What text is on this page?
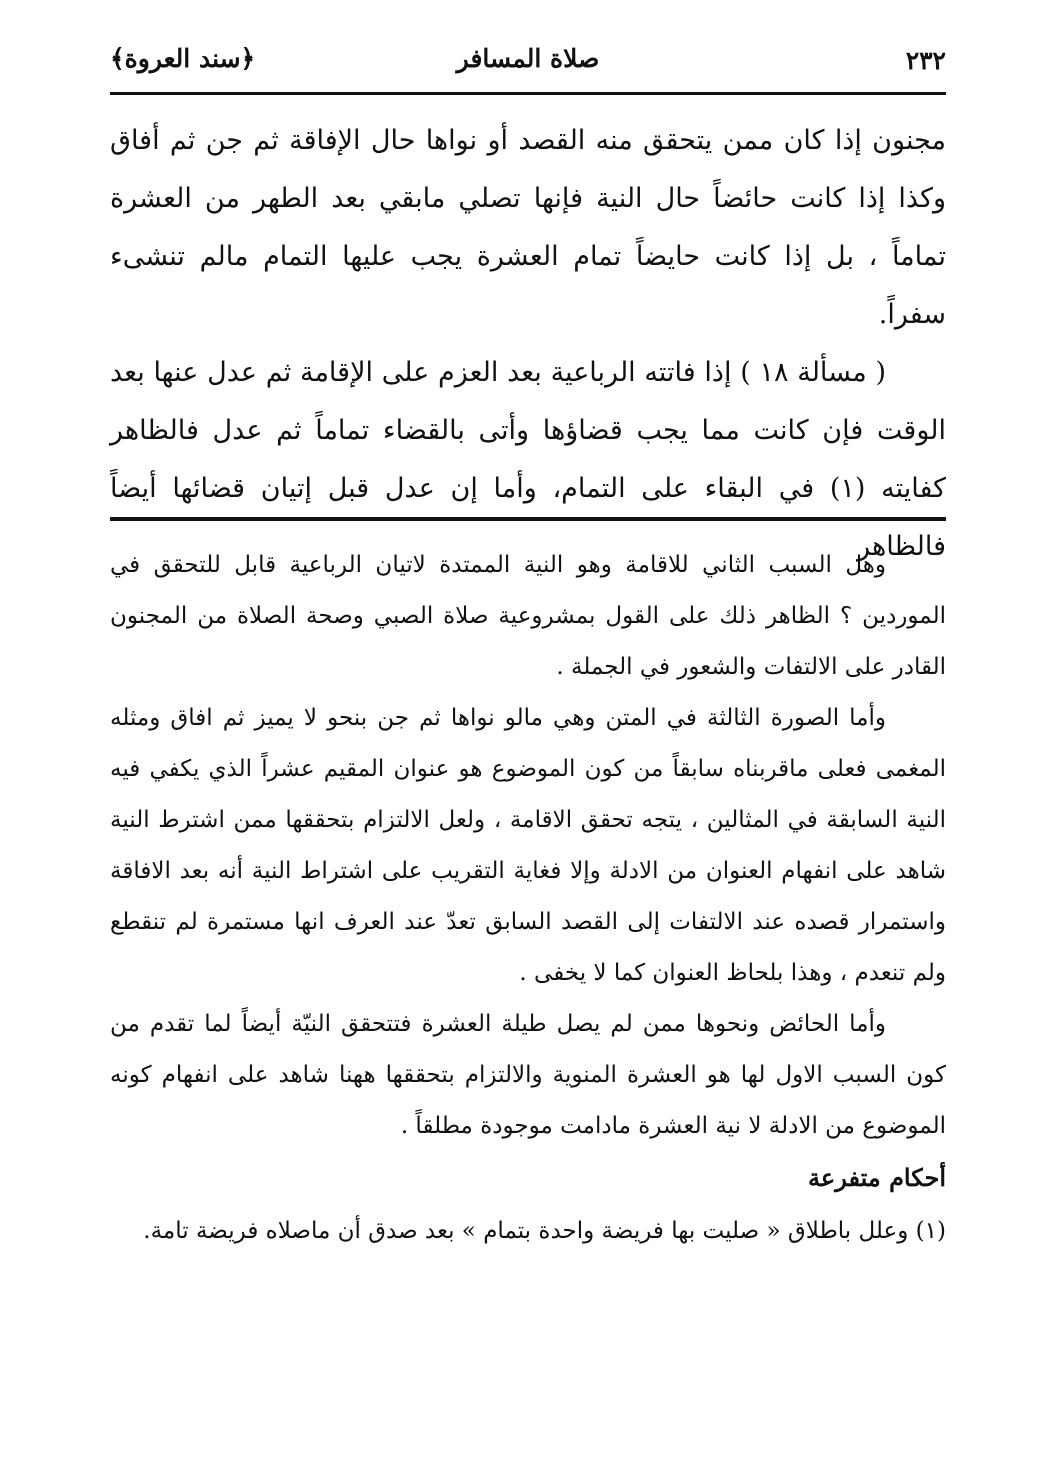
٢٣٢
صلاة المسافر
﴿سند العروة﴾

مجنون إذا كان ممن يتحقق منه القصد أو نواها حال الإفاقة ثم جن ثم أفاق وكذا إذا كانت حائضاً حال النية فإنها تصلي مابقي بعد الطهر من العشرة تماماً ، بل إذا كانت حايضاً تمام العشرة يجب عليها التمام مالم تنشىء سفراً.

( مسألة ١٨ ) إذا فاتته الرباعية بعد العزم على الإقامة ثم عدل عنها بعد الوقت فإن كانت مما يجب قضاؤها وأتى بالقضاء تماماً ثم عدل فالظاهر كفايته (١) في البقاء على التمام، وأما إن عدل قبل إتيان قضائها أيضاً فالظاهر

وهل السبب الثاني للاقامة وهو النية الممتدة لاتيان الرباعية قابل للتحقق في الموردين ؟ الظاهر ذلك على القول بمشروعية صلاة الصبي وصحة الصلاة من المجنون القادر على الالتفات والشعور في الجملة .

وأما الصورة الثالثة في المتن وهي مالو نواها ثم جن بنحو لا يميز ثم افاق ومثله المغمى فعلى ماقربناه سابقاً من كون الموضوع هو عنوان المقيم عشراً الذي يكفي فيه النية السابقة في المثالين ، يتجه تحقق الاقامة ، ولعل الالتزام بتحققها ممن اشترط النية شاهد على انفهام العنوان من الادلة وإلا فغاية التقريب على اشتراط النية أنه بعد الافاقة واستمرار قصده عند الالتفات إلى القصد السابق تعدّ عند العرف انها مستمرة لم تنقطع ولم تنعدم ، وهذا بلحاظ العنوان كما لا يخفى .

وأما الحائض ونحوها ممن لم يصل طيلة العشرة فتتحقق النيّة أيضاً لما تقدم من كون السبب الاول لها هو العشرة المنوية والالتزام بتحققها ههنا شاهد على انفهام كونه الموضوع من الادلة لا نية العشرة مادامت موجودة مطلقاً .

أحكام متفرعة

(١) وعلل باطلاق « صليت بها فريضة واحدة بتمام » بعد صدق أن ماصلاه فريضة تامة.
